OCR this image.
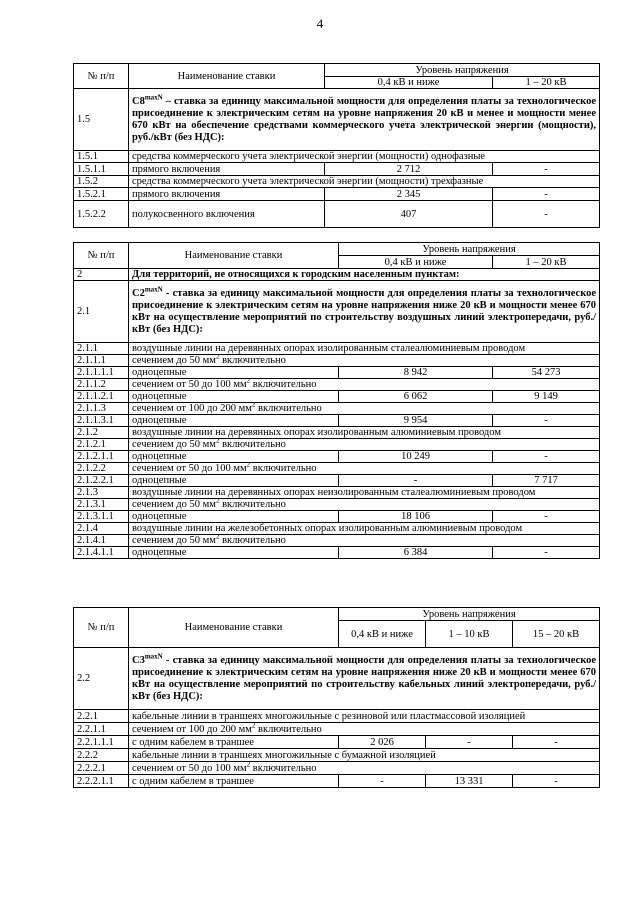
4
№ п/п	Наименование ставки	Уровень напряжения	
		0,4 кВ и ниже	1 – 20 кВ
1.5	$C8^{maxN}$ – ставка за единицу максимальной мощности для определения платы за технологическое присоединение к электрическим сетям на уровне напряжения 20 кВ и менее и мощности менее 670 кВт на обеспечение средствами коммерческого учета электрической энергии (мощности), руб./кВт (без НДС):		
1.5.1	средства коммерческого учета электрической энергии (мощности) однофазные		
1.5.1.1	прямого включения	2 712	-
1.5.2	средства коммерческого учета электрической энергии (мощности) трехфазные		
1.5.2.1	прямого включения	2 345	-
1.5.2.2	полукосвенного включения	407	-
№ п/п	Наименование ставки	Уровень напряжения	
		0,4 кВ и ниже	1 – 20 кВ
2	Для территорий, не относящихся к городским населенным пунктам:		
2.1	$C2^{maxN}$ - ставка за единицу максимальной мощности для определения платы за технологическое присоединение к электрическим сетям на уровне напряжения ниже 20 кВ и мощности менее 670 кВт на осуществление мероприятий по строительству воздушных линий электропередачи, руб./кВт (без НДС):		
2.1.1	воздушные линии на деревянных опорах изолированным сталеалюминиевым проводом		
2.1.1.1	сечением до 50 $мм^2$ включительно		
2.1.1.1.1	одноцепные	8 942	54 273
2.1.1.2	сечением от 50 до 100 $мм^2$ включительно		
2.1.1.2.1	одноцепные	6 062	9 149
2.1.1.3	сечением от 100 до 200 $мм^2$ включительно		
2.1.1.3.1	одноцепные	9 954	-
2.1.2	воздушные линии на деревянных опорах изолированным алюминиевым проводом		
2.1.2.1	сечением до 50 $мм^2$ включительно		
2.1.2.1.1	одноцепные	10 249	-
2.1.2.2	сечением от 50 до 100 $мм^2$ включительно		
2.1.2.2.1	одноцепные	-	7 717
2.1.3	воздушные линии на деревянных опорах неизолированным сталеалюминиевым проводом		
2.1.3.1	сечением до 50 $мм^2$ включительно		
2.1.3.1.1	одноцепные	18 106	-
2.1.4	воздушные линии на железобетонных опорах изолированным алюминиевым проводом		
2.1.4.1	сечением до 50 $мм^2$ включительно		
2.1.4.1.1	одноцепные	6 384	-
№ п/п	Наименование ставки	Уровень напряжения		
		0,4 кВ и ниже	1 – 10 кВ	15 – 20 кВ
2.2	$C3^{maxN}$ - ставка за единицу максимальной мощности для определения платы за технологическое присоединение к электрическим сетям на уровне напряжения ниже 20 кВ и мощности менее 670 кВт на осуществление мероприятий по строительству кабельных линий электропередачи, руб./кВт (без НДС):			
2.2.1	кабельные линии в траншеях многожильные с резиновой или пластмассовой изоляцией			
2.2.1.1	сечением от 100 до 200 $мм^2$ включительно			
2.2.1.1.1	с одним кабелем в траншее	2 026	-	-
2.2.2	кабельные линии в траншеях многожильные с бумажной изоляцией			
2.2.2.1	сечением от 50 до 100 $мм^2$ включительно			
2.2.2.1.1	с одним кабелем в траншее	-	13 331	-
